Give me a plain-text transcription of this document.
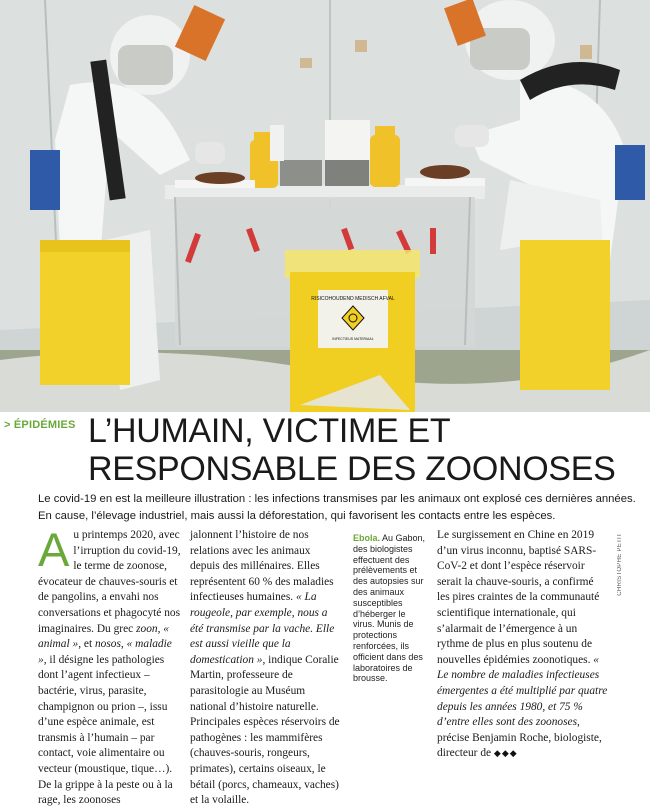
RISICOHOUDEND MEDISCH AFVAL
INFECTIEUS MATERIAAL
> ÉPIDÉMIES L’HUMAIN, VICTIME ET
RESPONSABLE DES ZOONOSES
Le covid-19 en est la meilleure illustration : les infections transmises par les animaux ont explosé ces dernières années. En cause, l’élevage industriel, mais aussi la déforestation, qui favorisent les contacts entre les espèces.

Au printemps 2020, avec l’irruption du covid-19, le terme de zoonose, évocateur de chauves-souris et de pangolins, a envahi nos conversations et phagocyté nos imaginaires. Du grec zoon, « animal », et nosos, « maladie », il désigne les pathologies dont l’agent infectieux – bactérie, virus, parasite, champignon ou prion –, issu d’une espèce animale, est transmis à l’humain – par contact, voie alimentaire ou vecteur (moustique, tique…). De la grippe à la peste ou à la rage, les zoonoses

jalonnent l’histoire de nos relations avec les animaux depuis des millénaires. Elles représentent 60 % des maladies infectieuses humaines. « La rougeole, par exemple, nous a été transmise par la vache. Elle est aussi vieille que la domestication », indique Coralie Martin, professeure de parasitologie au Muséum national d’histoire naturelle. Principales espèces réservoirs de pathogènes : les mammifères (chauves-souris, rongeurs, primates), certains oiseaux, le bétail (porcs, chameaux, vaches) et la volaille.

Ebola. Au Gabon, des biologistes effectuent des prélèvements et des autopsies sur des animaux susceptibles d’héberger le virus. Munis de protections renforcées, ils officient dans des laboratoires de brousse.

Le surgissement en Chine en 2019 d’un virus inconnu, baptisé SARS-CoV-2 et dont l’espèce réservoir serait la chauve-souris, a confirmé les pires craintes de la communauté scientifique internationale, qui s’alarmait de l’émergence à un rythme de plus en plus soutenu de nouvelles épidémies zoonotiques. « Le nombre de maladies infectieuses émergentes a été multiplié par quatre depuis les années 1980, et 75 % d’entre elles sont des zoonoses, précise Benjamin Roche, biologiste, directeur de ◆◆◆

CHRISTOPHE PETIT
